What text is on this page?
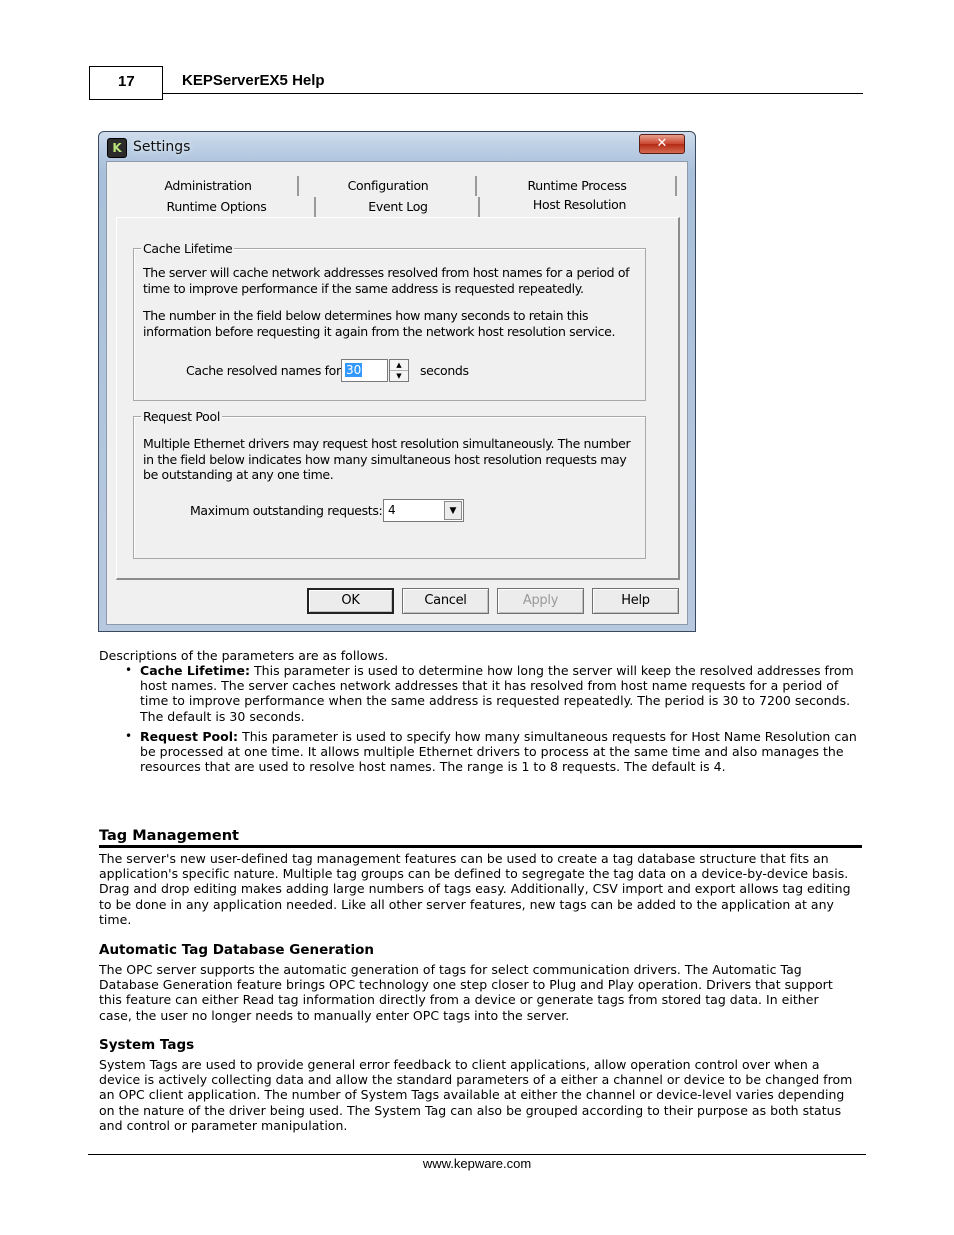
17	KEPServerEX5 Help
K Settings	✕
Administration	Configuration	Runtime Process
Runtime Options	Event Log	Host Resolution
Cache Lifetime
The server will cache network addresses resolved from host names for a period of time to improve performance if the same address is requested repeatedly.
The number in the field below determines how many seconds to retain this information before requesting it again from the network host resolution service.
Cache resolved names for 30	▲
▼	seconds
Request Pool
Multiple Ethernet drivers may request host resolution simultaneously. The number in the field below indicates how many simultaneous host resolution requests may be outstanding at any one time.
Maximum outstanding requests: 4	▼
OK	Cancel	Apply	Help
Descriptions of the parameters are as follows.
• Cache Lifetime: This parameter is used to determine how long the server will keep the resolved addresses from
host names. The server caches network addresses that it has resolved from host name requests for a period of
time to improve performance when the same address is requested repeatedly. The period is 30 to 7200 seconds.
The default is 30 seconds.
• Request Pool: This parameter is used to specify how many simultaneous requests for Host Name Resolution can
be processed at one time. It allows multiple Ethernet drivers to process at the same time and also manages the
resources that are used to resolve host names. The range is 1 to 8 requests. The default is 4.
Tag Management
The server's new user-defined tag management features can be used to create a tag database structure that fits an
application's specific nature. Multiple tag groups can be defined to segregate the tag data on a device-by-device basis.
Drag and drop editing makes adding large numbers of tags easy. Additionally, CSV import and export allows tag editing
to be done in any application needed. Like all other server features, new tags can be added to the application at any
time.
Automatic Tag Database Generation
The OPC server supports the automatic generation of tags for select communication drivers. The Automatic Tag
Database Generation feature brings OPC technology one step closer to Plug and Play operation. Drivers that support
this feature can either Read tag information directly from a device or generate tags from stored tag data. In either
case, the user no longer needs to manually enter OPC tags into the server.
System Tags
System Tags are used to provide general error feedback to client applications, allow operation control over when a
device is actively collecting data and allow the standard parameters of a either a channel or device to be changed from
an OPC client application. The number of System Tags available at either the channel or device-level varies depending
on the nature of the driver being used. The System Tag can also be grouped according to their purpose as both status
and control or parameter manipulation.
www.kepware.com
